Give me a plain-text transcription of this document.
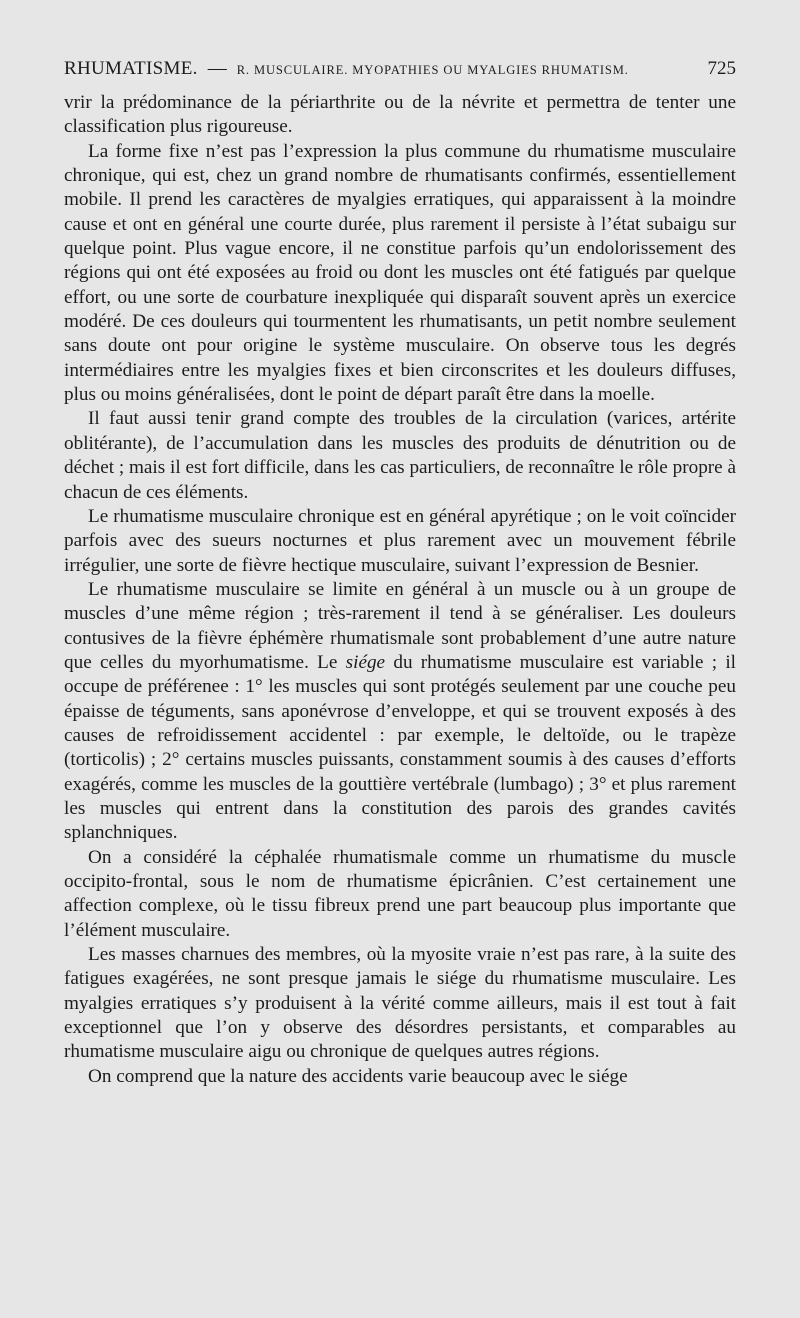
RHUMATISME. — R. MUSCULAIRE. MYOPATHIES OU MYALGIES RHUMATISM.	725

vrir la prédominance de la périarthrite ou de la névrite et permettra de tenter une classification plus rigoureuse.

La forme fixe n’est pas l’expression la plus commune du rhumatisme musculaire chronique, qui est, chez un grand nombre de rhumatisants confirmés, essentiellement mobile. Il prend les caractères de myalgies erratiques, qui apparaissent à la moindre cause et ont en général une courte durée, plus rarement il persiste à l’état subaigu sur quelque point. Plus vague encore, il ne constitue parfois qu’un endolorissement des régions qui ont été exposées au froid ou dont les muscles ont été fatigués par quelque effort, ou une sorte de courbature inexpliquée qui disparaît souvent après un exercice modéré. De ces douleurs qui tourmentent les rhumatisants, un petit nombre seulement sans doute ont pour origine le système musculaire. On observe tous les degrés intermédiaires entre les myalgies fixes et bien circonscrites et les douleurs diffuses, plus ou moins généralisées, dont le point de départ paraît être dans la moelle.

Il faut aussi tenir grand compte des troubles de la circulation (varices, artérite oblitérante), de l’accumulation dans les muscles des produits de dénutrition ou de déchet ; mais il est fort difficile, dans les cas particuliers, de reconnaître le rôle propre à chacun de ces éléments.

Le rhumatisme musculaire chronique est en général apyrétique ; on le voit coïncider parfois avec des sueurs nocturnes et plus rarement avec un mouvement fébrile irrégulier, une sorte de fièvre hectique musculaire, suivant l’expression de Besnier.

Le rhumatisme musculaire se limite en général à un muscle ou à un groupe de muscles d’une même région ; très-rarement il tend à se généraliser. Les douleurs contusives de la fièvre éphémère rhumatismale sont probablement d’une autre nature que celles du myorhumatisme. Le siége du rhumatisme musculaire est variable ; il occupe de préférenee : 1° les muscles qui sont protégés seulement par une couche peu épaisse de téguments, sans aponévrose d’enveloppe, et qui se trouvent exposés à des causes de refroidissement accidentel : par exemple, le deltoïde, ou le trapèze (torticolis) ; 2° certains muscles puissants, constamment soumis à des causes d’efforts exagérés, comme les muscles de la gouttière vertébrale (lumbago) ; 3° et plus rarement les muscles qui entrent dans la constitution des parois des grandes cavités splanchniques.

On a considéré la céphalée rhumatismale comme un rhumatisme du muscle occipito-frontal, sous le nom de rhumatisme épicrânien. C’est certainement une affection complexe, où le tissu fibreux prend une part beaucoup plus importante que l’élément musculaire.

Les masses charnues des membres, où la myosite vraie n’est pas rare, à la suite des fatigues exagérées, ne sont presque jamais le siége du rhumatisme musculaire. Les myalgies erratiques s’y produisent à la vérité comme ailleurs, mais il est tout à fait exceptionnel que l’on y observe des désordres persistants, et comparables au rhumatisme musculaire aigu ou chronique de quelques autres régions.

On comprend que la nature des accidents varie beaucoup avec le siége
